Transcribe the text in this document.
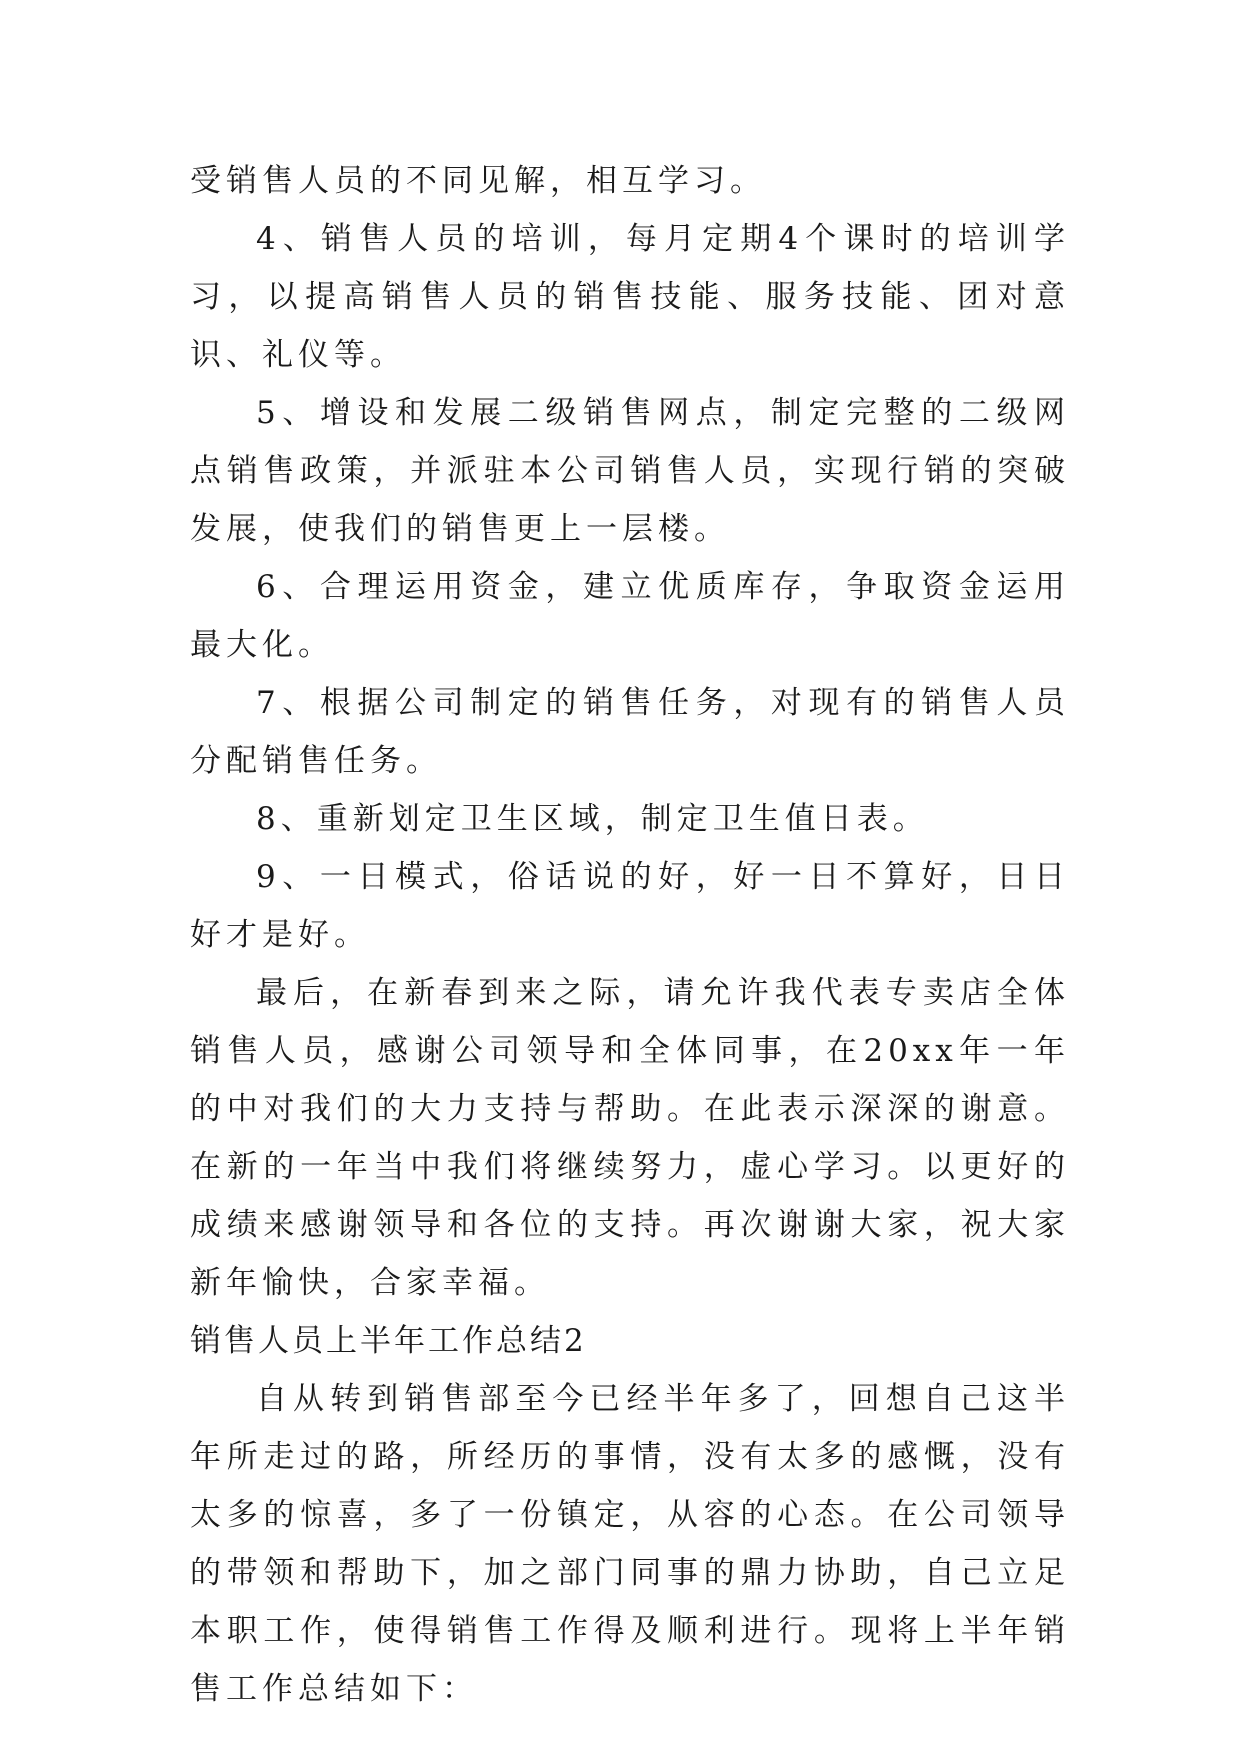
受销售人员的不同见解，相互学习。

4、销售人员的培训，每月定期4个课时的培训学习，以提高销售人员的销售技能、服务技能、团对意识、礼仪等。

5、增设和发展二级销售网点，制定完整的二级网点销售政策，并派驻本公司销售人员，实现行销的突破发展，使我们的销售更上一层楼。

6、合理运用资金，建立优质库存，争取资金运用最大化。

7、根据公司制定的销售任务，对现有的销售人员分配销售任务。

8、重新划定卫生区域，制定卫生值日表。

9、一日模式，俗话说的好，好一日不算好，日日好才是好。

最后，在新春到来之际，请允许我代表专卖店全体销售人员，感谢公司领导和全体同事，在20xx年一年的中对我们的大力支持与帮助。在此表示深深的谢意。在新的一年当中我们将继续努力，虚心学习。以更好的成绩来感谢领导和各位的支持。再次谢谢大家，祝大家新年愉快，合家幸福。

销售人员上半年工作总结2

自从转到销售部至今已经半年多了，回想自己这半年所走过的路，所经历的事情，没有太多的感慨，没有太多的惊喜，多了一份镇定，从容的心态。在公司领导的带领和帮助下，加之部门同事的鼎力协助，自己立足本职工作，使得销售工作得及顺利进行。现将上半年销售工作总结如下：
